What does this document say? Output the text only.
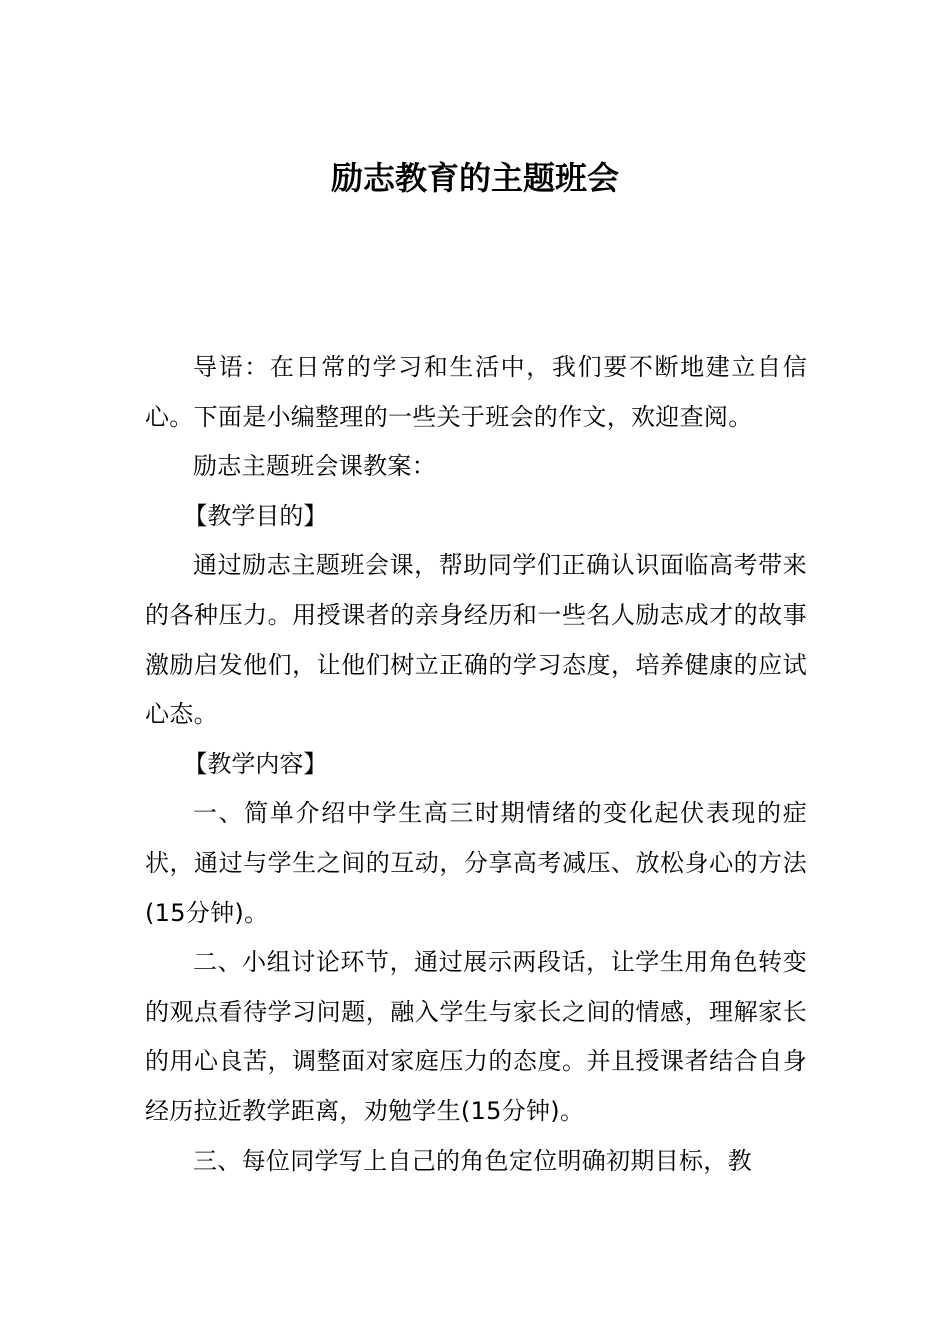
励志教育的主题班会

导语：在日常的学习和生活中，我们要不断地建立自信心。下面是小编整理的一些关于班会的作文，欢迎查阅。

励志主题班会课教案：

【教学目的】

通过励志主题班会课，帮助同学们正确认识面临高考带来的各种压力。用授课者的亲身经历和一些名人励志成才的故事激励启发他们，让他们树立正确的学习态度，培养健康的应试心态。

【教学内容】

一、简单介绍中学生高三时期情绪的变化起伏表现的症状，通过与学生之间的互动，分享高考减压、放松身心的方法(15分钟)。

二、小组讨论环节，通过展示两段话，让学生用角色转变的观点看待学习问题，融入学生与家长之间的情感，理解家长的用心良苦，调整面对家庭压力的态度。并且授课者结合自身经历拉近教学距离，劝勉学生(15分钟)。

三、每位同学写上自己的角色定位明确初期目标，教
